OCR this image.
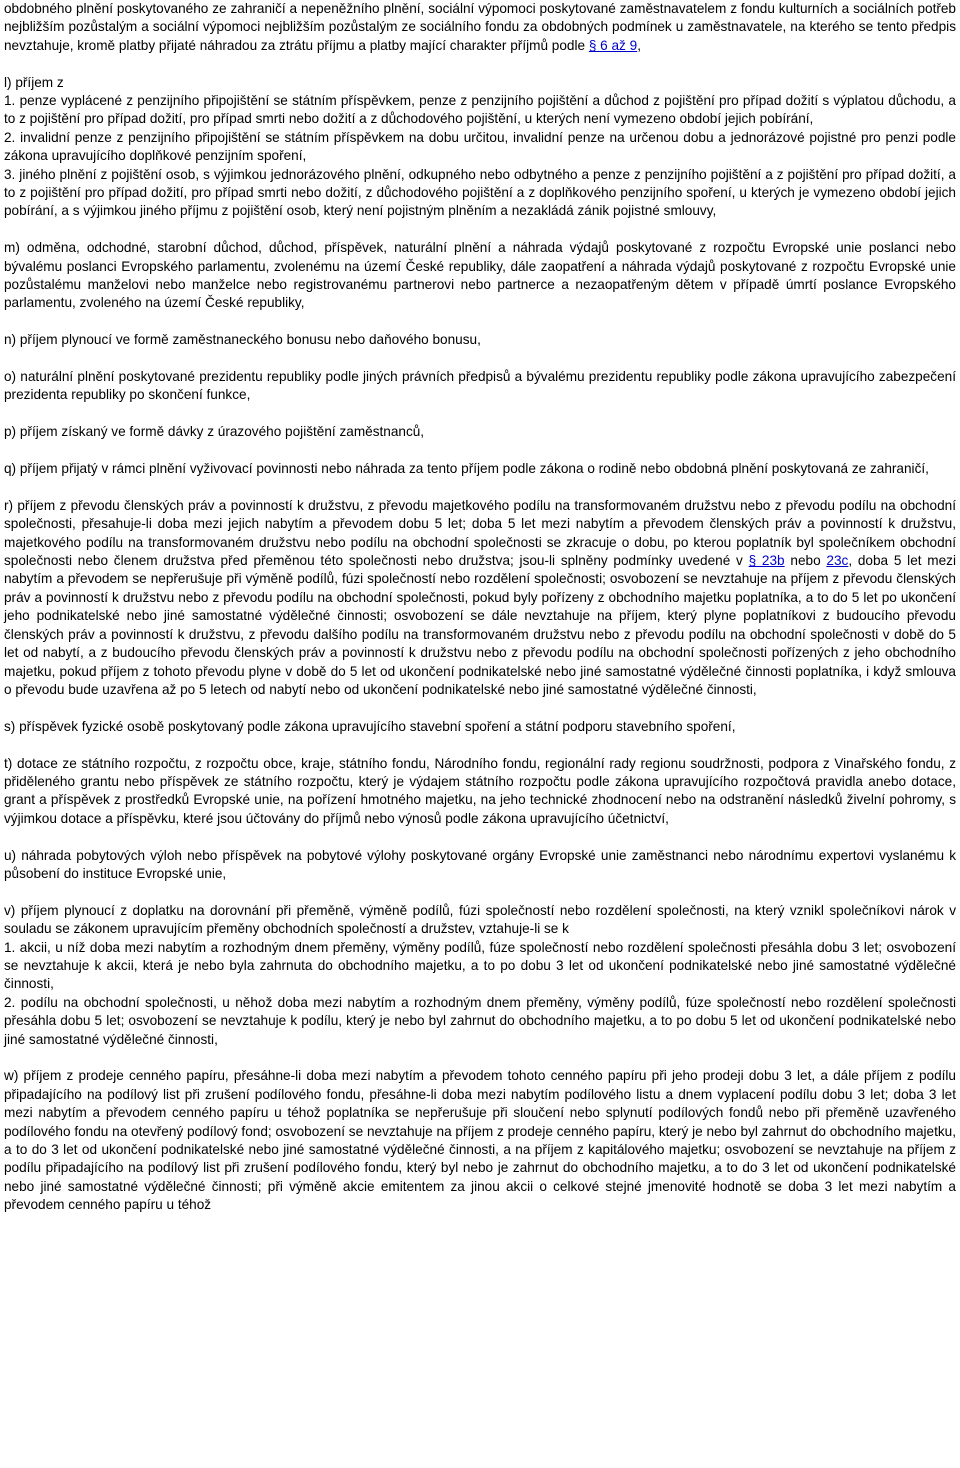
obdobného plnění poskytovaného ze zahraničí a nepeněžního plnění, sociální výpomoci poskytované zaměstnavatelem z fondu kulturních a sociálních potřeb nejbližším pozůstalým a sociální výpomoci nejbližším pozůstalým ze sociálního fondu za obdobných podmínek u zaměstnavatele, na kterého se tento předpis nevztahuje, kromě platby přijaté náhradou za ztrátu příjmu a platby mající charakter příjmů podle § 6 až 9,

l) příjem z

1. penze vyplácené z penzijního připojištění se státním příspěvkem, penze z penzijního pojištění a důchod z pojištění pro případ dožití s výplatou důchodu, a to z pojištění pro případ dožití, pro případ smrti nebo dožití a z důchodového pojištění, u kterých není vymezeno období jejich pobírání,

2. invalidní penze z penzijního připojištění se státním příspěvkem na dobu určitou, invalidní penze na určenou dobu a jednorázové pojistné pro penzi podle zákona upravujícího doplňkové penzijním spoření,

3. jiného plnění z pojištění osob, s výjimkou jednorázového plnění, odkupného nebo odbytného a penze z penzijního pojištění a z pojištění pro případ dožití, a to z pojištění pro případ dožití, pro případ smrti nebo dožití, z důchodového pojištění a z doplňkového penzijního spoření, u kterých je vymezeno období jejich pobírání, a s výjimkou jiného příjmu z pojištění osob, který není pojistným plněním a nezakládá zánik pojistné smlouvy,

m) odměna, odchodné, starobní důchod, důchod, příspěvek, naturální plnění a náhrada výdajů poskytované z rozpočtu Evropské unie poslanci nebo bývalému poslanci Evropského parlamentu, zvolenému na území České republiky, dále zaopatření a náhrada výdajů poskytované z rozpočtu Evropské unie pozůstalému manželovi nebo manželce nebo registrovanému partnerovi nebo partnerce a nezaopatřeným dětem v případě úmrtí poslance Evropského parlamentu, zvoleného na území České republiky,

n) příjem plynoucí ve formě zaměstnaneckého bonusu nebo daňového bonusu,

o) naturální plnění poskytované prezidentu republiky podle jiných právních předpisů a bývalému prezidentu republiky podle zákona upravujícího zabezpečení prezidenta republiky po skončení funkce,

p) příjem získaný ve formě dávky z úrazového pojištění zaměstnanců,

q) příjem přijatý v rámci plnění vyživovací povinnosti nebo náhrada za tento příjem podle zákona o rodině nebo obdobná plnění poskytovaná ze zahraničí,

r) příjem z převodu členských práv a povinností k družstvu, z převodu majetkového podílu na transformovaném družstvu nebo z převodu podílu na obchodní společnosti, přesahuje-li doba mezi jejich nabytím a převodem dobu 5 let; doba 5 let mezi nabytím a převodem členských práv a povinností k družstvu, majetkového podílu na transformovaném družstvu nebo podílu na obchodní společnosti se zkracuje o dobu, po kterou poplatník byl společníkem obchodní společnosti nebo členem družstva před přeměnou této společnosti nebo družstva; jsou-li splněny podmínky uvedené v § 23b nebo 23c, doba 5 let mezi nabytím a převodem se nepřerušuje při výměně podílů, fúzi společností nebo rozdělení společnosti; osvobození se nevztahuje na příjem z převodu členských práv a povinností k družstvu nebo z převodu podílu na obchodní společnosti, pokud byly pořízeny z obchodního majetku poplatníka, a to do 5 let po ukončení jeho podnikatelské nebo jiné samostatné výdělečné činnosti; osvobození se dále nevztahuje na příjem, který plyne poplatníkovi z budoucího převodu členských práv a povinností k družstvu, z převodu dalšího podílu na transformovaném družstvu nebo z převodu podílu na obchodní společnosti v době do 5 let od nabytí, a z budoucího převodu členských práv a povinností k družstvu nebo z převodu podílu na obchodní společnosti pořízených z jeho obchodního majetku, pokud příjem z tohoto převodu plyne v době do 5 let od ukončení podnikatelské nebo jiné samostatné výdělečné činnosti poplatníka, i když smlouva o převodu bude uzavřena až po 5 letech od nabytí nebo od ukončení podnikatelské nebo jiné samostatné výdělečné činnosti,

s) příspěvek fyzické osobě poskytovaný podle zákona upravujícího stavební spoření a státní podporu stavebního spoření,

t) dotace ze státního rozpočtu, z rozpočtu obce, kraje, státního fondu, Národního fondu, regionální rady regionu soudržnosti, podpora z Vinařského fondu, z přiděleného grantu nebo příspěvek ze státního rozpočtu, který je výdajem státního rozpočtu podle zákona upravujícího rozpočtová pravidla anebo dotace, grant a příspěvek z prostředků Evropské unie, na pořízení hmotného majetku, na jeho technické zhodnocení nebo na odstranění následků živelní pohromy, s výjimkou dotace a příspěvku, které jsou účtovány do příjmů nebo výnosů podle zákona upravujícího účetnictví,

u) náhrada pobytových výloh nebo příspěvek na pobytové výlohy poskytované orgány Evropské unie zaměstnanci nebo národnímu expertovi vyslanému k působení do instituce Evropské unie,

v) příjem plynoucí z doplatku na dorovnání při přeměně, výměně podílů, fúzi společností nebo rozdělení společnosti, na který vznikl společníkovi nárok v souladu se zákonem upravujícím přeměny obchodních společností a družstev, vztahuje-li se k

1. akcii, u níž doba mezi nabytím a rozhodným dnem přeměny, výměny podílů, fúze společností nebo rozdělení společnosti přesáhla dobu 3 let; osvobození se nevztahuje k akcii, která je nebo byla zahrnuta do obchodního majetku, a to po dobu 3 let od ukončení podnikatelské nebo jiné samostatné výdělečné činnosti,

2. podílu na obchodní společnosti, u něhož doba mezi nabytím a rozhodným dnem přeměny, výměny podílů, fúze společností nebo rozdělení společnosti přesáhla dobu 5 let; osvobození se nevztahuje k podílu, který je nebo byl zahrnut do obchodního majetku, a to po dobu 5 let od ukončení podnikatelské nebo jiné samostatné výdělečné činnosti,

w) příjem z prodeje cenného papíru, přesáhne-li doba mezi nabytím a převodem tohoto cenného papíru při jeho prodeji dobu 3 let, a dále příjem z podílu připadajícího na podílový list při zrušení podílového fondu, přesáhne-li doba mezi nabytím podílového listu a dnem vyplacení podílu dobu 3 let; doba 3 let mezi nabytím a převodem cenného papíru u téhož poplatníka se nepřerušuje při sloučení nebo splynutí podílových fondů nebo při přeměně uzavřeného podílového fondu na otevřený podílový fond; osvobození se nevztahuje na příjem z prodeje cenného papíru, který je nebo byl zahrnut do obchodního majetku, a to do 3 let od ukončení podnikatelské nebo jiné samostatné výdělečné činnosti, a na příjem z kapitálového majetku; osvobození se nevztahuje na příjem z podílu připadajícího na podílový list při zrušení podílového fondu, který byl nebo je zahrnut do obchodního majetku, a to do 3 let od ukončení podnikatelské nebo jiné samostatné výdělečné činnosti; při výměně akcie emitentem za jinou akcii o celkové stejné jmenovité hodnotě se doba 3 let mezi nabytím a převodem cenného papíru u téhož
